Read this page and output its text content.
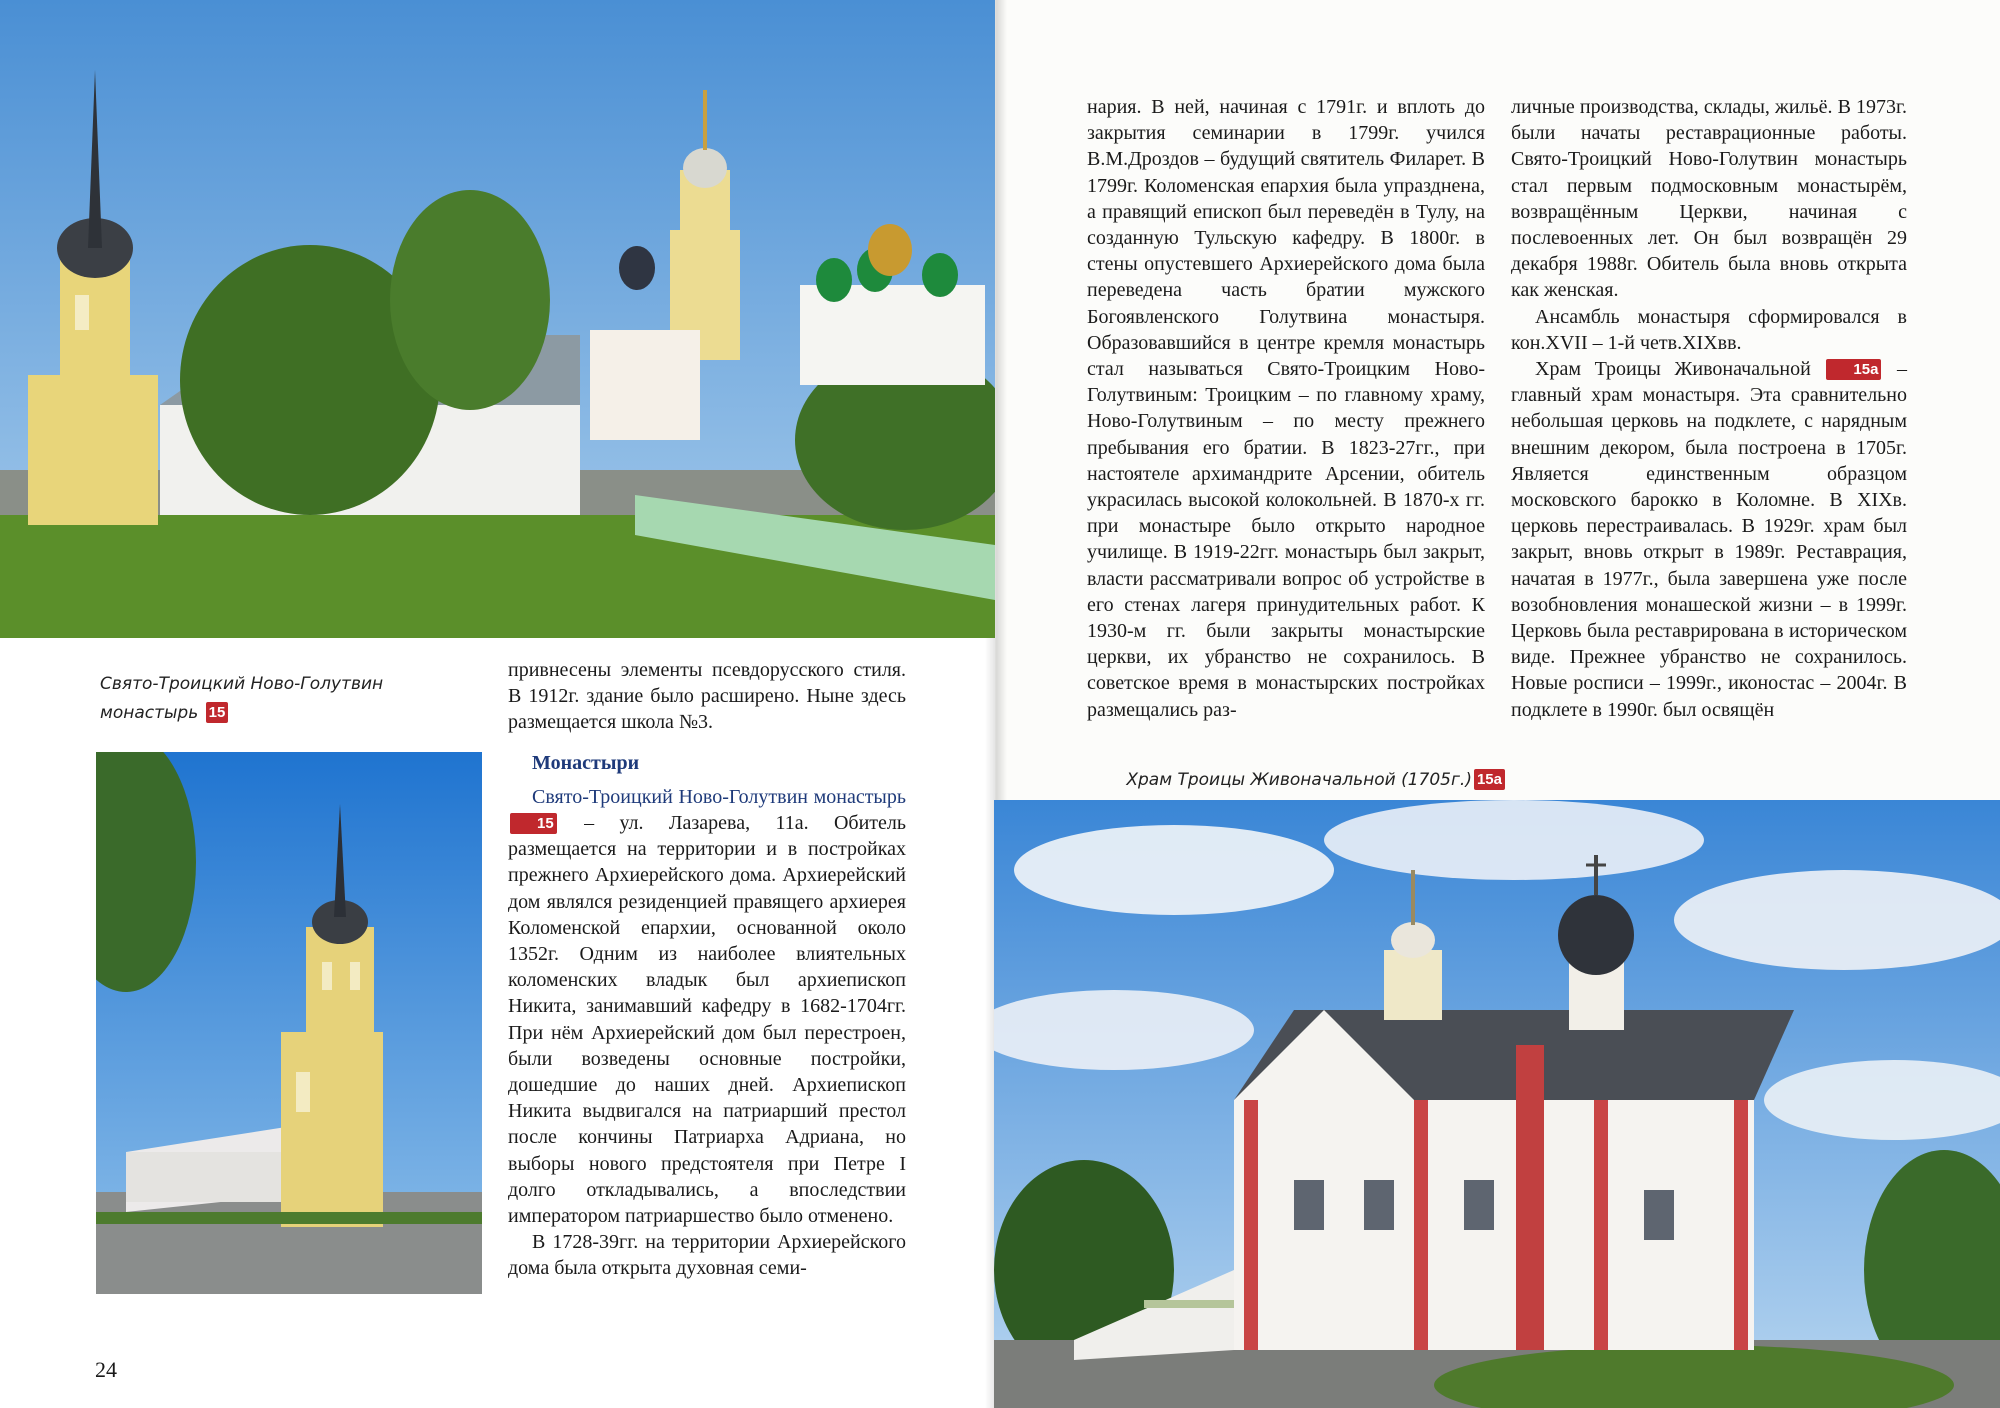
Свято-Троицкий Ново-Голутвин
монастырь 15

привнесены элементы псевдорусского стиля. В 1912г. здание было расширено. Ныне здесь размещается школа №3.

Монастыри

Свято-Троицкий Ново-Голутвин монастырь 15 – ул. Лазарева, 11а. Обитель размещается на территории и в постройках прежнего Архиерейского дома. Архиерейский дом являлся резиденцией правящего архиерея Коломенской епархии, основанной около 1352г. Одним из наиболее влиятельных коломенских владык был архиепископ Никита, занимавший кафедру в 1682-1704гг. При нём Архиерейский дом был перестроен, были возведены основные постройки, дошедшие до наших дней. Архиепископ Никита выдвигался на патриарший престол после кончины Патриарха Адриана, но выборы нового предстоятеля при Петре I долго откладывались, а впоследствии императором патриаршество было отменено.

В 1728-39гг. на территории Архиерейского дома была открыта духовная семи-

нария. В ней, начиная с 1791г. и вплоть до закрытия семинарии в 1799г. учился В.М.Дроздов – будущий святитель Филарет. В 1799г. Коломенская епархия была упразднена, а правящий епископ был переведён в Тулу, на созданную Тульскую кафедру. В 1800г. в стены опустевшего Архиерейского дома была переведена часть братии мужского Богоявленского Голутвина монастыря. Образовавшийся в центре кремля монастырь стал называться Свято-Троицким Ново-Голутвиным: Троицким – по главному храму, Ново-Голутвиным – по месту прежнего пребывания его братии. В 1823-27гг., при настоятеле архимандрите Арсении, обитель украсилась высокой колокольней. В 1870-х гг. при монастыре было открыто народное училище. В 1919-22гг. монастырь был закрыт, власти рассматривали вопрос об устройстве в его стенах лагеря принудительных работ. К 1930-м гг. были закрыты монастырские церкви, их убранство не сохранилось. В советское время в монастырских постройках размещались раз-

личные производства, склады, жильё. В 1973г. были начаты реставрационные работы. Свято-Троицкий Ново-Голутвин монастырь стал первым подмосковным монастырём, возвращённым Церкви, начиная с послевоенных лет. Он был возвращён 29 декабря 1988г. Обитель была вновь открыта как женская.

Ансамбль монастыря сформировался в кон.XVII – 1-й четв.XIXвв.

Храм Троицы Живоначальной	15a – главный храм монастыря. Эта сравнительно небольшая церковь на подклете, с нарядным внешним декором, была построена в 1705г. Является единственным образцом московского барокко в Коломне. В XIXв. церковь перестраивалась. В 1929г. храм был закрыт, вновь открыт в 1989г. Реставрация, начатая в 1977г., была завершена уже после возобновления монашеской жизни – в 1999г. Церковь была реставрирована в историческом виде. Прежнее убранство не сохранилось. Новые росписи – 1999г., иконостас – 2004г. В подклете в 1990г. был освящён

Храм Троицы Живоначальной (1705г.) 15a
24
